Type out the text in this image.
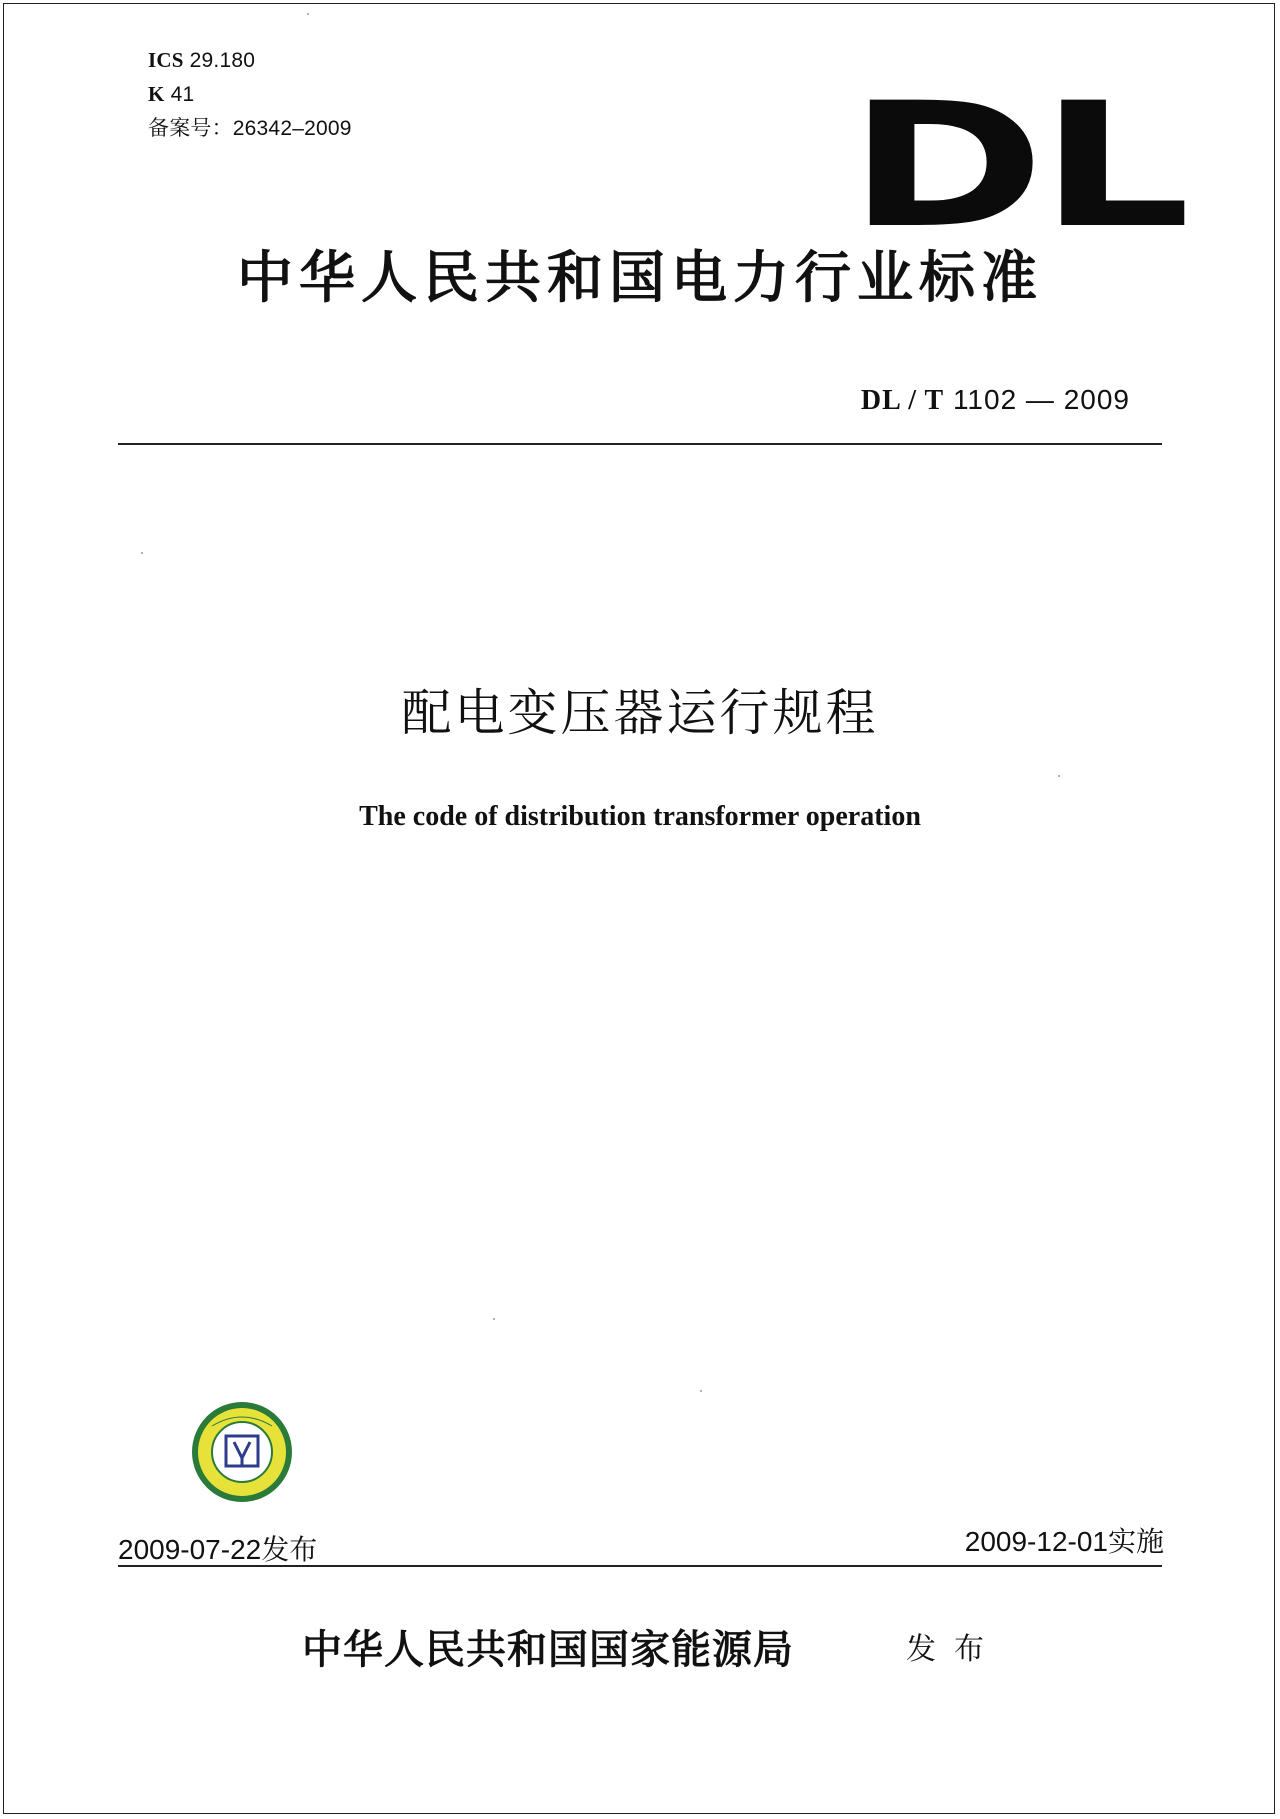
ICS 29.180
K 41
备案号：26342–2009	DL
中华人民共和国电力行业标准
DL / T 1102 — 2009
配电变压器运行规程
The code of distribution transformer operation
2009-07-22发布	2009-12-01实施
中华人民共和国国家能源局	发布
